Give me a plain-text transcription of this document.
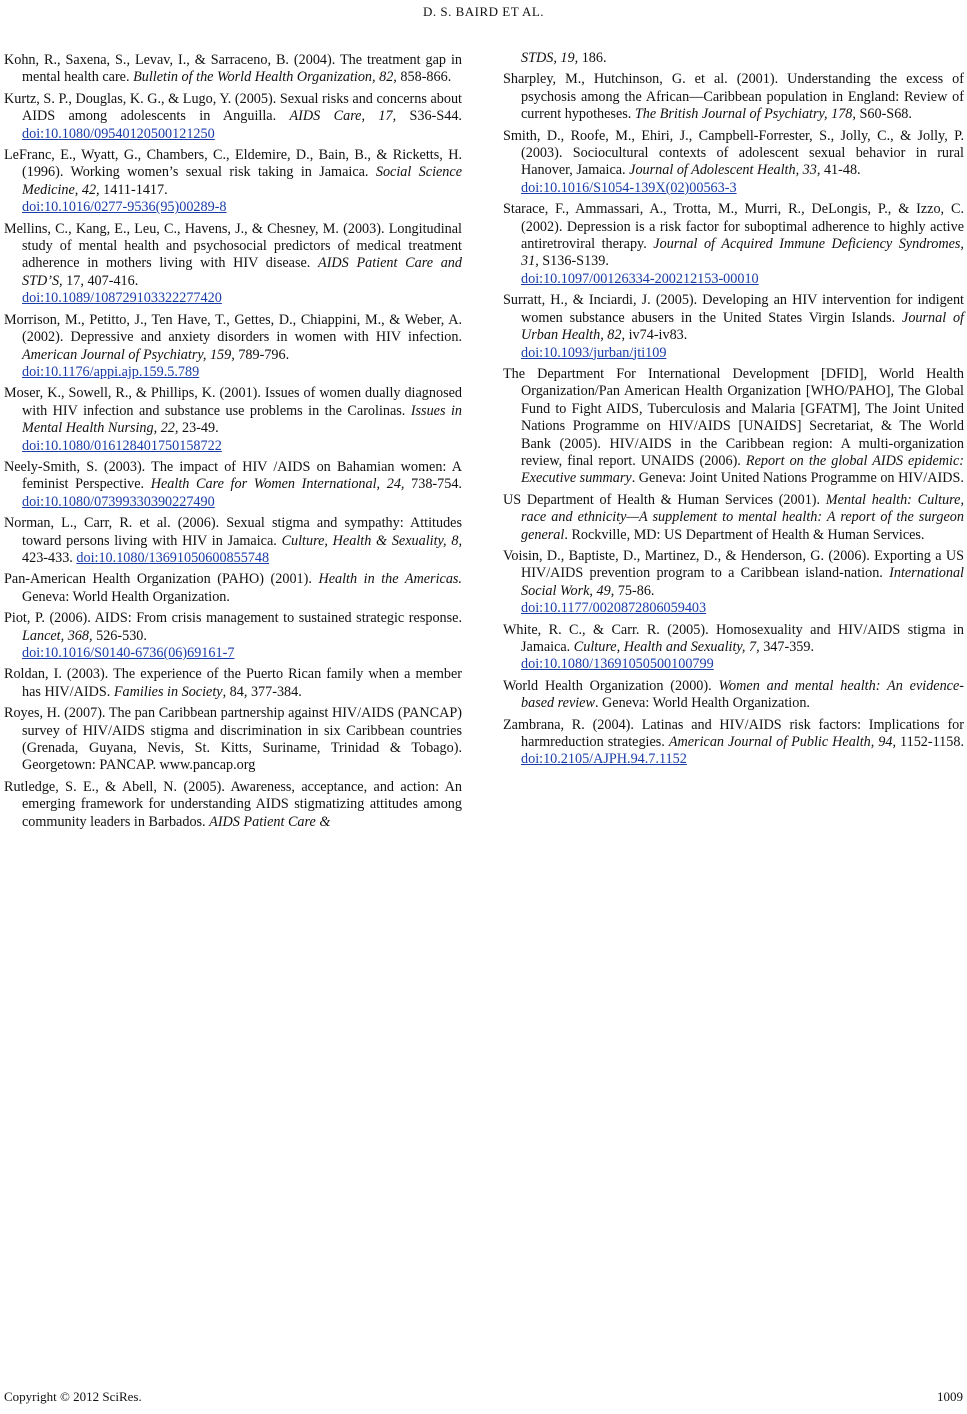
D. S. BAIRD ET AL.

Kohn, R., Saxena, S., Levav, I., & Sarraceno, B. (2004). The treatment gap in mental health care. Bulletin of the World Health Organization, 82, 858-866.

Kurtz, S. P., Douglas, K. G., & Lugo, Y. (2005). Sexual risks and concerns about AIDS among adolescents in Anguilla. AIDS Care, 17, S36-S44. doi:10.1080/09540120500121250

LeFranc, E., Wyatt, G., Chambers, C., Eldemire, D., Bain, B., & Ricketts, H. (1996). Working women’s sexual risk taking in Jamaica. Social Science Medicine, 42, 1411-1417.
doi:10.1016/0277-9536(95)00289-8

Mellins, C., Kang, E., Leu, C., Havens, J., & Chesney, M. (2003). Longitudinal study of mental health and psychosocial predictors of medical treatment adherence in mothers living with HIV disease. AIDS Patient Care and STD’S, 17, 407-416.
doi:10.1089/108729103322277420

Morrison, M., Petitto, J., Ten Have, T., Gettes, D., Chiappini, M., & Weber, A. (2002). Depressive and anxiety disorders in women with HIV infection. American Journal of Psychiatry, 159, 789-796.
doi:10.1176/appi.ajp.159.5.789

Moser, K., Sowell, R., & Phillips, K. (2001). Issues of women dually diagnosed with HIV infection and substance use problems in the Carolinas. Issues in Mental Health Nursing, 22, 23-49.
doi:10.1080/016128401750158722

Neely-Smith, S. (2003). The impact of HIV /AIDS on Bahamian women: A feminist Perspective. Health Care for Women International, 24, 738-754. doi:10.1080/07399330390227490

Norman, L., Carr, R. et al. (2006). Sexual stigma and sympathy: Attitudes toward persons living with HIV in Jamaica. Culture, Health & Sexuality, 8, 423-433. doi:10.1080/13691050600855748

Pan-American Health Organization (PAHO) (2001). Health in the Americas. Geneva: World Health Organization.

Piot, P. (2006). AIDS: From crisis management to sustained strategic response. Lancet, 368, 526-530.
doi:10.1016/S0140-6736(06)69161-7

Roldan, I. (2003). The experience of the Puerto Rican family when a member has HIV/AIDS. Families in Society, 84, 377-384.

Royes, H. (2007). The pan Caribbean partnership against HIV/AIDS (PANCAP) survey of HIV/AIDS stigma and discrimination in six Caribbean countries (Grenada, Guyana, Nevis, St. Kitts, Suriname, Trinidad & Tobago). Georgetown: PANCAP. www.pancap.org

Rutledge, S. E., & Abell, N. (2005). Awareness, acceptance, and action: An emerging framework for understanding AIDS stigmatizing attitudes among community leaders in Barbados. AIDS Patient Care &

STDS, 19, 186.

Sharpley, M., Hutchinson, G. et al. (2001). Understanding the excess of psychosis among the African—Caribbean population in England: Review of current hypotheses. The British Journal of Psychiatry, 178, S60-S68.

Smith, D., Roofe, M., Ehiri, J., Campbell-Forrester, S., Jolly, C., & Jolly, P. (2003). Sociocultural contexts of adolescent sexual behavior in rural Hanover, Jamaica. Journal of Adolescent Health, 33, 41-48.
doi:10.1016/S1054-139X(02)00563-3

Starace, F., Ammassari, A., Trotta, M., Murri, R., DeLongis, P., & Izzo, C. (2002). Depression is a risk factor for suboptimal adherence to highly active antiretroviral therapy. Journal of Acquired Immune Deficiency Syndromes, 31, S136-S139.
doi:10.1097/00126334-200212153-00010

Surratt, H., & Inciardi, J. (2005). Developing an HIV intervention for indigent women substance abusers in the United States Virgin Islands. Journal of Urban Health, 82, iv74-iv83.
doi:10.1093/jurban/jti109

The Department For International Development [DFID], World Health Organization/Pan American Health Organization [WHO/PAHO], The Global Fund to Fight AIDS, Tuberculosis and Malaria [GFATM], The Joint United Nations Programme on HIV/AIDS [UNAIDS] Secretariat, & The World Bank (2005). HIV/AIDS in the Caribbean region: A multi-organization review, final report. UNAIDS (2006). Report on the global AIDS epidemic: Executive summary. Geneva: Joint United Nations Programme on HIV/AIDS.

US Department of Health & Human Services (2001). Mental health: Culture, race and ethnicity—A supplement to mental health: A report of the surgeon general. Rockville, MD: US Department of Health & Human Services.

Voisin, D., Baptiste, D., Martinez, D., & Henderson, G. (2006). Exporting a US HIV/AIDS prevention program to a Caribbean island-nation. International Social Work, 49, 75-86.
doi:10.1177/0020872806059403

White, R. C., & Carr. R. (2005). Homosexuality and HIV/AIDS stigma in Jamaica. Culture, Health and Sexuality, 7, 347-359.
doi:10.1080/13691050500100799

World Health Organization (2000). Women and mental health: An evidence-based review. Geneva: World Health Organization.

Zambrana, R. (2004). Latinas and HIV/AIDS risk factors: Implications for harmreduction strategies. American Journal of Public Health, 94, 1152-1158. doi:10.2105/AJPH.94.7.1152

Copyright © 2012 SciRes.	1009
